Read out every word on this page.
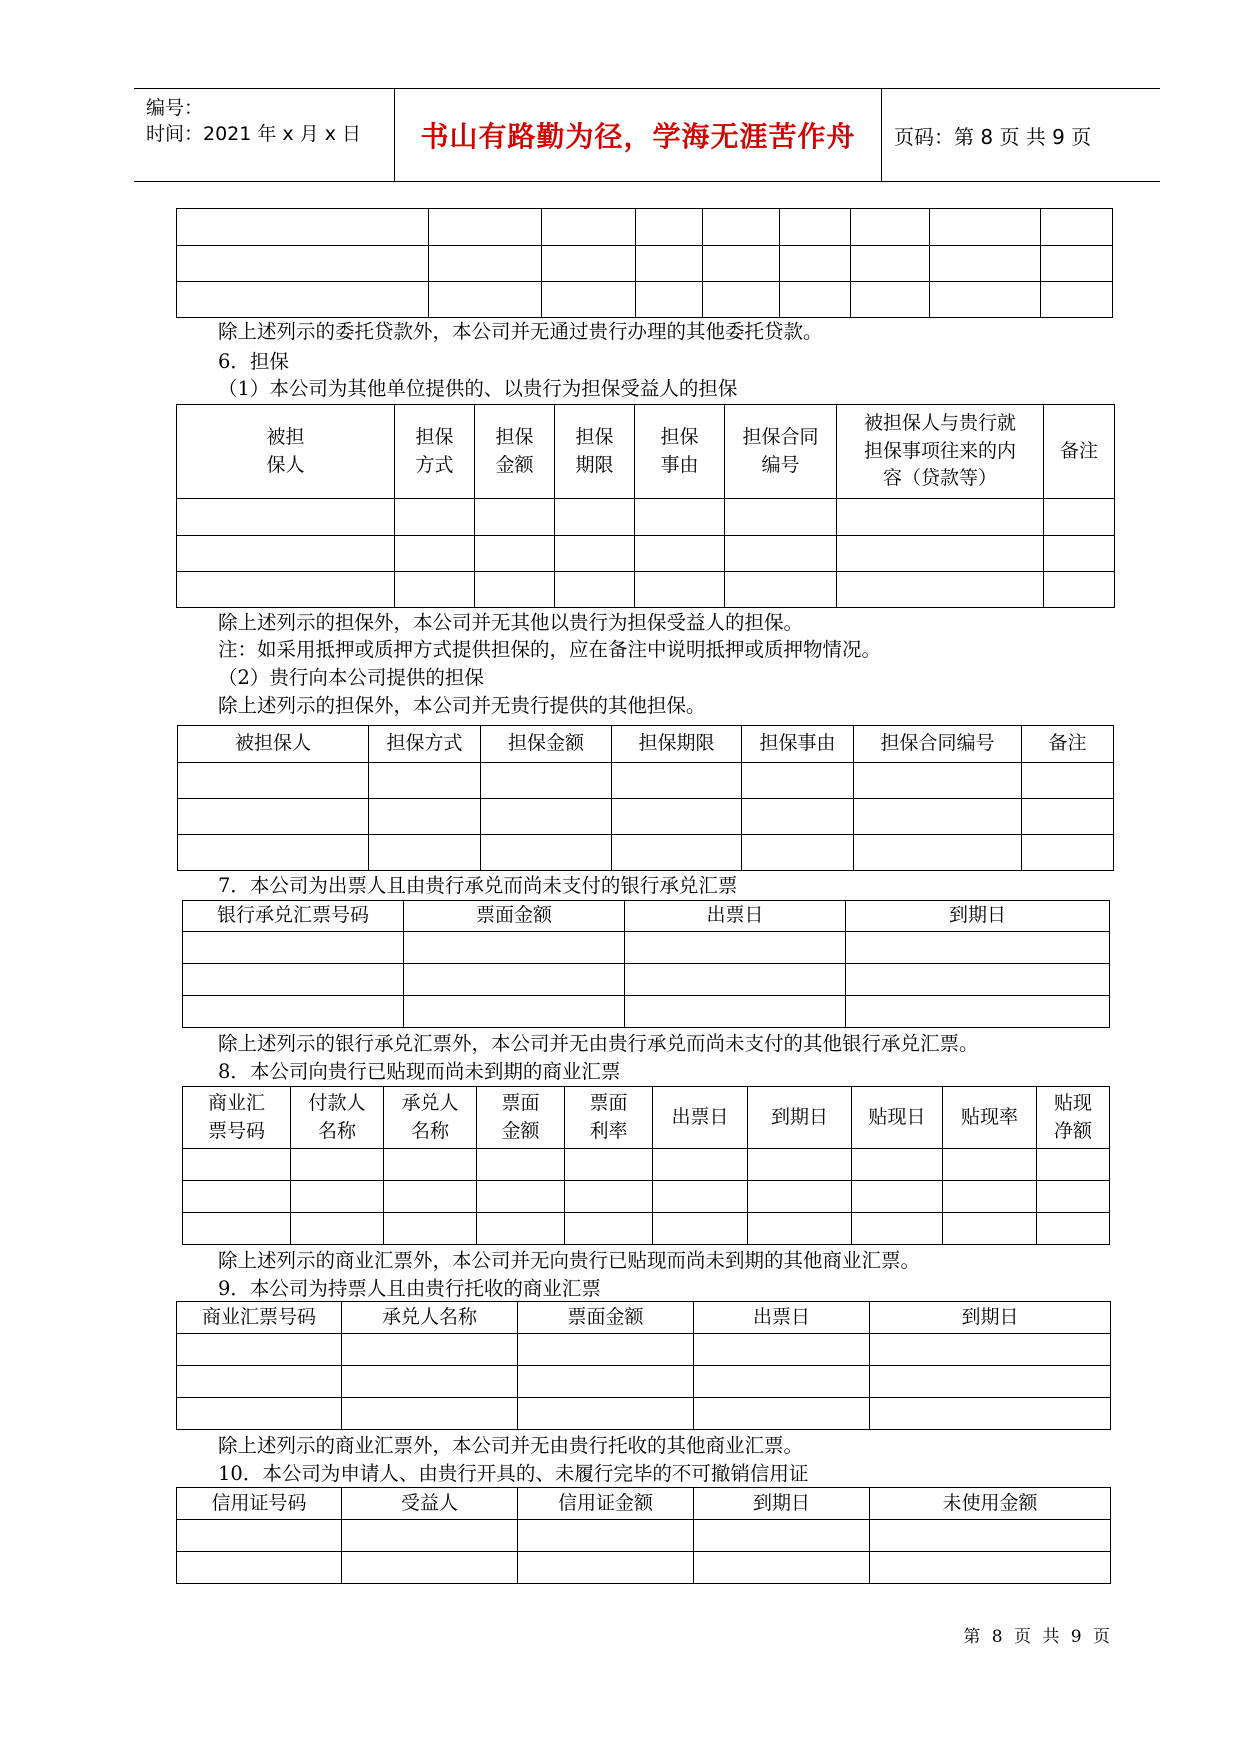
编号：
时间：2021 年 x 月 x 日 书山有路勤为径，学海无涯苦作舟 页码：第 8 页 共 9 页

除上述列示的委托贷款外，本公司并无通过贵行办理的其他委托贷款。
6．担保
（1）本公司为其他单位提供的、以贵行为担保受益人的担保
被担
保人	担保
方式	担保
金额	担保
期限	担保
事由	担保合同
编号	被担保人与贵行就
担保事项往来的内
容（贷款等）	备注

除上述列示的担保外，本公司并无其他以贵行为担保受益人的担保。
注：如采用抵押或质押方式提供担保的，应在备注中说明抵押或质押物情况。
（2）贵行向本公司提供的担保
除上述列示的担保外，本公司并无贵行提供的其他担保。
被担保人	担保方式	担保金额	担保期限	担保事由	担保合同编号	备注

7．本公司为出票人且由贵行承兑而尚未支付的银行承兑汇票
银行承兑汇票号码	票面金额	出票日	到期日

除上述列示的银行承兑汇票外，本公司并无由贵行承兑而尚未支付的其他银行承兑汇票。
8．本公司向贵行已贴现而尚未到期的商业汇票
商业汇
票号码	付款人
名称	承兑人
名称	票面
金额	票面
利率	出票日	到期日	贴现日	贴现率	贴现
净额

除上述列示的商业汇票外，本公司并无向贵行已贴现而尚未到期的其他商业汇票。
9．本公司为持票人且由贵行托收的商业汇票
商业汇票号码	承兑人名称	票面金额	出票日	到期日

除上述列示的商业汇票外，本公司并无由贵行托收的其他商业汇票。
10．本公司为申请人、由贵行开具的、未履行完毕的不可撤销信用证
信用证号码	受益人	信用证金额	到期日	未使用金额

第 8 页 共 9 页
